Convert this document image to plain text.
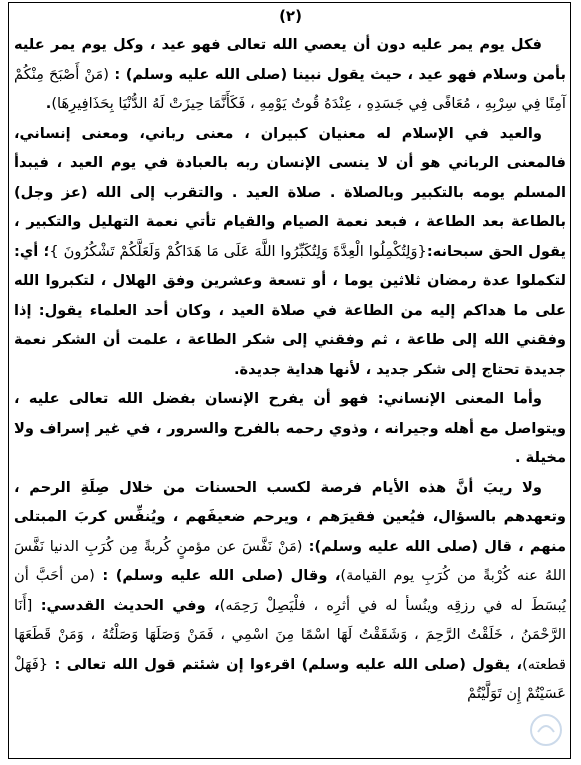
(٢)

فكل يوم يمر عليه دون أن يعصي الله تعالى فهو عيد ، وكل يوم يمر عليه بأمن وسلام فهو عيد ، حيث يقول نبينا (صلى الله عليه وسلم) : (مَنْ أَصْبَحَ مِنْكُمْ آمِنًا فِي سِرْبِهِ ، مُعَافًى فِي جَسَدِهِ ، عِنْدَهُ قُوتُ يَوْمِهِ ، فَكَأَنَّمَا حِيزَتْ لَهُ الدُّنْيَا بِحَذَافِيرِهَا).

والعيد في الإسلام له معنيان كبيران ، معنى رباني، ومعنى إنساني، فالمعنى الرباني هو أن لا ينسى الإنسان ربه بالعبادة في يوم العيد ، فيبدأ المسلم يومه بالتكبير وبالصلاة . صلاة العيد . والتقرب إلى الله (عز وجل) بالطاعة بعد الطاعة ، فبعد نعمة الصيام والقيام تأتي نعمة التهليل والتكبير ، يقول الحق سبحانه:{وَلِتُكْمِلُوا الْعِدَّةَ وَلِتُكَبِّرُوا اللَّهَ عَلَى مَا هَدَاكُمْ وَلَعَلَّكُمْ تَشْكُرُونَ }؛ أي: لتكملوا عدة رمضان ثلاثين يوما ، أو تسعة وعشرين وفق الهلال ، لتكبروا الله على ما هداكم إليه من الطاعة في صلاة العيد ، وكان أحد العلماء يقول: إذا وفقني الله إلى طاعة ، ثم وفقني إلى شكر الطاعة ، علمت أن الشكر نعمة جديدة تحتاج إلى شكر جديد ، لأنها هداية جديدة.

وأما المعنى الإنساني: فهو أن يفرح الإنسان بفضل الله تعالى عليه ، ويتواصل مع أهله وجيرانه ، وذوي رحمه بالفرح والسرور ، في غير إسراف ولا مخيلة .

ولا ريبَ أنَّ هذه الأيام فرصة لكسب الحسنات من خلال صِلَةِ الرحم ، وتعهدهم بالسؤال، فيُعين فقيرَهم ، ويرحم ضعيفَهم ، ويُنفِّس كربَ المبتلى منهم ، قال (صلى الله عليه وسلم): (مَنْ نَفَّسَ عن مؤمنٍ كُربةً مِن كُرَبِ الدنيا نَفَّسَ اللهُ عنه كُرْبةً من كُرَبِ يوم القيامة)، وقال (صلى الله عليه وسلم) : (من أحَبَّ أن يُبسَطَ له في رزقِه وينُسأ له في أثرِه ، فلْيَصِلْ رَحِمَه)، وفي الحديث القدسي: [أَنَا الرَّحْمَنُ ، خَلَقْتُ الرَّحِمَ ، وَشَقَقْتُ لَهَا اسْمًا مِنَ اسْمِي ، فَمَنْ وَصَلَهَا وَصَلْتُهُ ، وَمَنْ قَطَعَهَا قطعته)، يقول (صلى الله عليه وسلم) اقرءوا إن شئتم قول الله تعالى : {فَهَلْ عَسَيْتُمْ إِن تَوَلَّيْتُمْ
